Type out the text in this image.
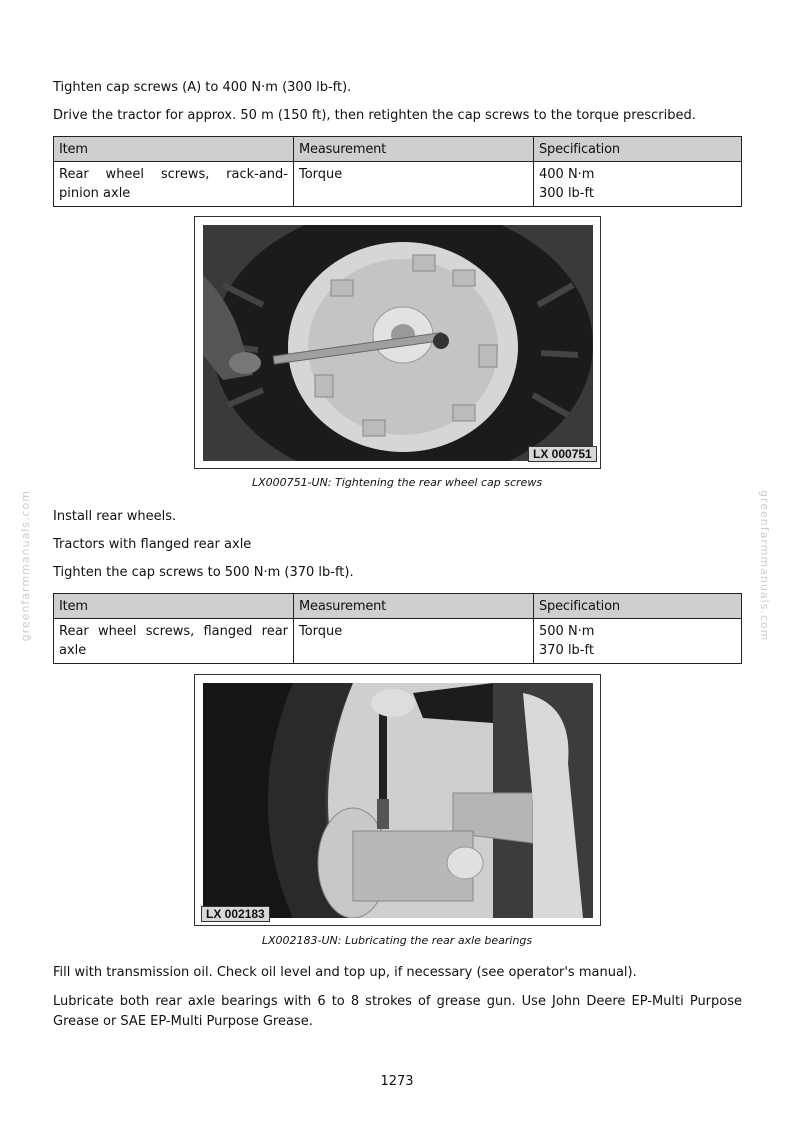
Tighten cap screws (A) to 400 N·m (300 lb-ft).

Drive the tractor for approx. 50 m (150 ft), then retighten the cap screws to the torque prescribed.

Item	Measurement	Specification
Rear wheel screws, rack-and-pinion axle	Torque	400 N·m
300 lb-ft
LX 000751
LX000751-UN: Tightening the rear wheel cap screws

Install rear wheels.

Tractors with flanged rear axle

Tighten the cap screws to 500 N·m (370 lb-ft).

Item	Measurement	Specification
Rear wheel screws, flanged rear axle	Torque	500 N·m
370 lb-ft
LX 002183
LX002183-UN: Lubricating the rear axle bearings

Fill with transmission oil. Check oil level and top up, if necessary (see operator's manual).

Lubricate both rear axle bearings with 6 to 8 strokes of grease gun. Use John Deere EP-Multi Purpose Grease or SAE EP-Multi Purpose Grease.

greenfarmmanuals.com	greenfarmmanuals.com
1273
